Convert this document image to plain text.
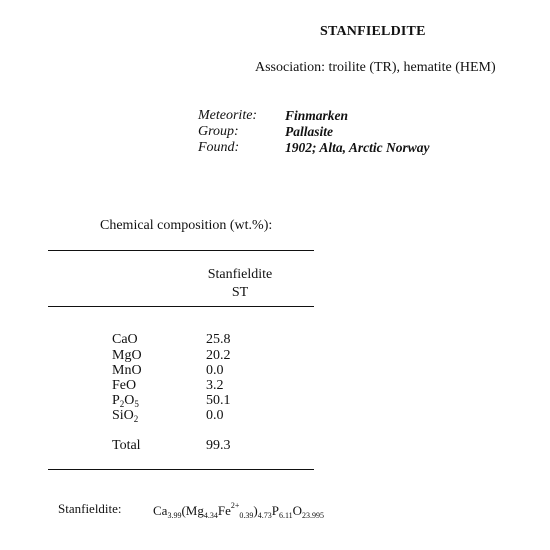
STANFIELDITE
Association: troilite (TR), hematite (HEM)
Meteorite: Finmarken
Group:	Pallasite
Found:	1902; Alta, Arctic Norway
Chemical composition (wt.%):
Stanfieldite
ST
CaO	25.8
MgO	20.2
MnO	0.0
FeO	3.2
$P_2O_5$	50.1
SiO$_2$	0.0
Total	99.3
Stanfieldite: $Ca_{3.99}(Mg_{4.34}Fe^{2+}_{0.39})_{4.73}P_{6.11}O_{23.995}$
